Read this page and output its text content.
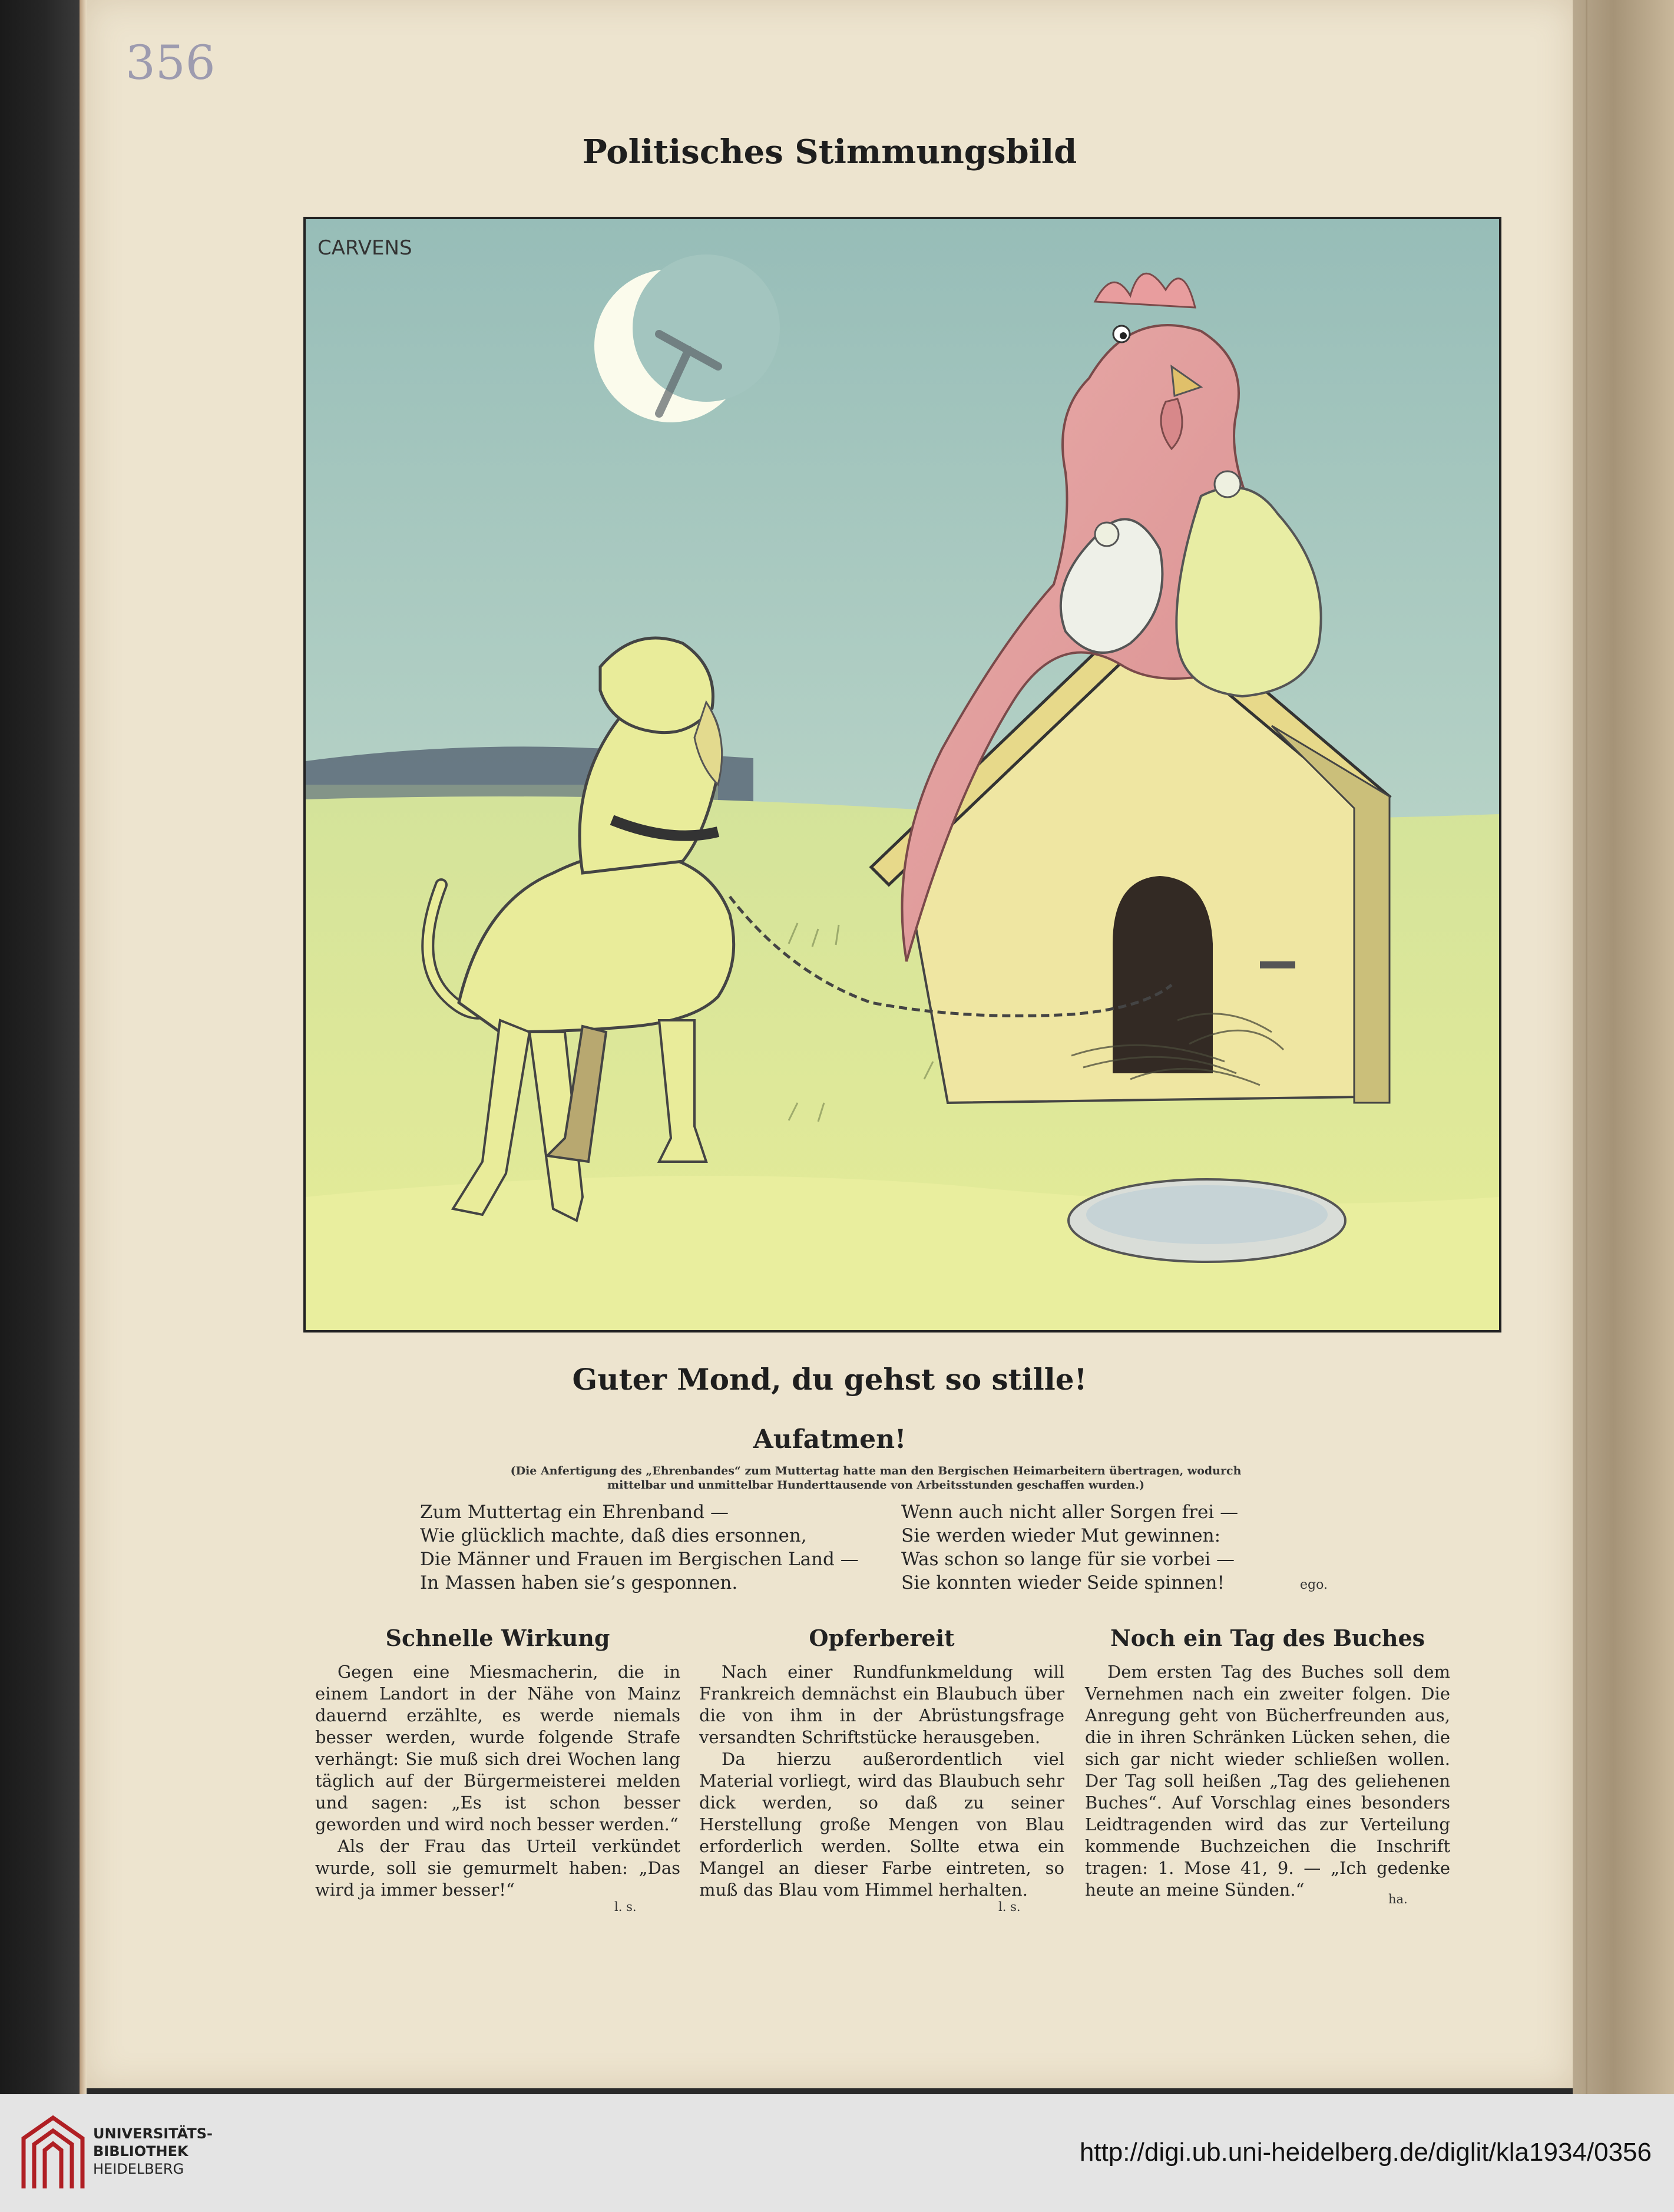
356
Politisches Stimmungsbild
CARVENS
Guter Mond, du gehst so stille!
Aufatmen!
(Die Anfertigung des „Ehrenbandes“ zum Muttertag hatte man den Bergischen Heimarbeitern übertragen, wodurch mittelbar und unmittelbar Hunderttausende von Arbeitsstunden geschaffen wurden.)
Zum Muttertag ein Ehrenband —
Wie glücklich machte, daß dies ersonnen,
Die Männer und Frauen im Bergischen Land —
In Massen haben sie’s gesponnen.
Wenn auch nicht aller Sorgen frei —
Sie werden wieder Mut gewinnen:
Was schon so lange für sie vorbei —
Sie konnten wieder Seide spinnen!	ego.
Schnelle Wirkung

Gegen eine Miesmacherin, die in einem Landort in der Nähe von Mainz dauernd erzählte, es werde niemals besser werden, wurde folgende Strafe verhängt: Sie muß sich drei Wochen lang täglich auf der Bürgermeisterei melden und sagen: „Es ist schon besser geworden und wird noch besser werden.“

Als der Frau das Urteil verkündet wurde, soll sie gemurmelt haben: „Das wird ja immer besser!“

l. s.
Opferbereit

Nach einer Rundfunkmeldung will Frankreich demnächst ein Blaubuch über die von ihm in der Abrüstungsfrage versandten Schriftstücke herausgeben.

Da hierzu außerordentlich viel Material vorliegt, wird das Blaubuch sehr dick werden, so daß zu seiner Herstellung große Mengen von Blau erforderlich werden. Sollte etwa ein Mangel an dieser Farbe eintreten, so muß das Blau vom Himmel herhalten.

l. s.
Noch ein Tag des Buches

Dem ersten Tag des Buches soll dem Vernehmen nach ein zweiter folgen. Die Anregung geht von Bücherfreunden aus, die in ihren Schränken Lücken sehen, die sich gar nicht wieder schließen wollen. Der Tag soll heißen „Tag des geliehenen Buches“. Auf Vorschlag eines besonders Leidtragenden wird das zur Verteilung kommende Buchzeichen die Inschrift tragen: 1. Mose 41, 9. — „Ich gedenke heute an meine Sünden.“	ha.
UNIVERSITÄTS-
BIBLIOTHEK
HEIDELBERG
http://digi.ub.uni-heidelberg.de/diglit/kla1934/0356
